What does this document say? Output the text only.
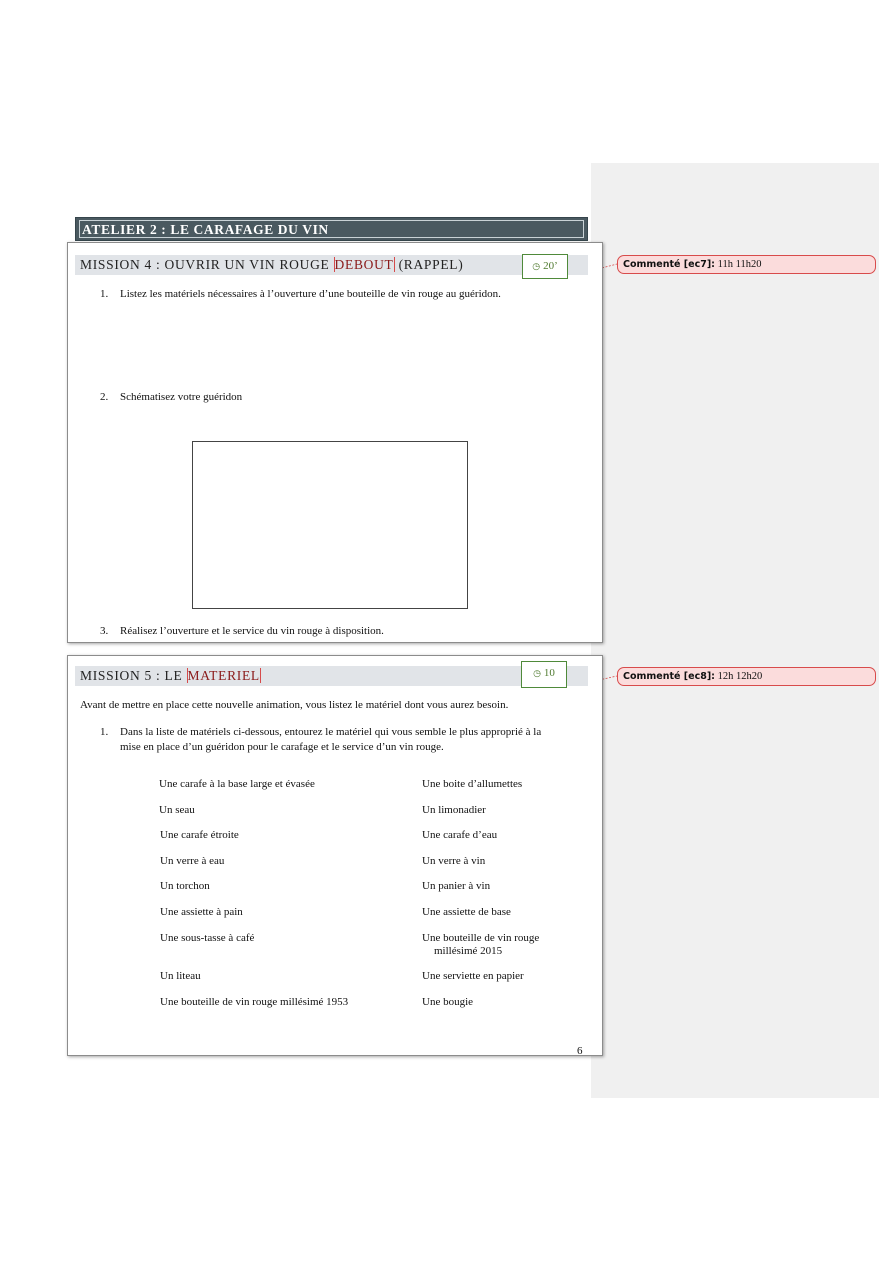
ATELIER 2 : LE CARAFAGE DU VIN
MISSION 4 : OUVRIR UN VIN ROUGE DEBOUT (RAPPEL)	◷ 20’
1. Listez les matériels nécessaires à l’ouverture d’une bouteille de vin rouge au guéridon.
2. Schématisez votre guéridon
3. Réalisez l’ouverture et le service du vin rouge à disposition.
MISSION 5 : LE MATERIEL	◷ 10
Avant de mettre en place cette nouvelle animation, vous listez le matériel dont vous aurez besoin.
1. Dans la liste de matériels ci-dessous, entourez le matériel qui vous semble le plus approprié à la
mise en place d’un guéridon pour le carafage et le service d’un vin rouge.
Une carafe à la base large et évasée
Un seau
Une carafe étroite
Un verre à eau
Un torchon
Une assiette à pain
Une sous-tasse à café
Un liteau
Une bouteille de vin rouge millésimé 1953
Une boite d’allumettes
Un limonadier
Une carafe d’eau
Un verre à vin
Un panier à vin
Une assiette de base
Une bouteille de vin rouge
millésimé 2015
Une serviette en papier
Une bougie
6
Commenté [ec7]: 11h 11h20
Commenté [ec8]: 12h 12h20
